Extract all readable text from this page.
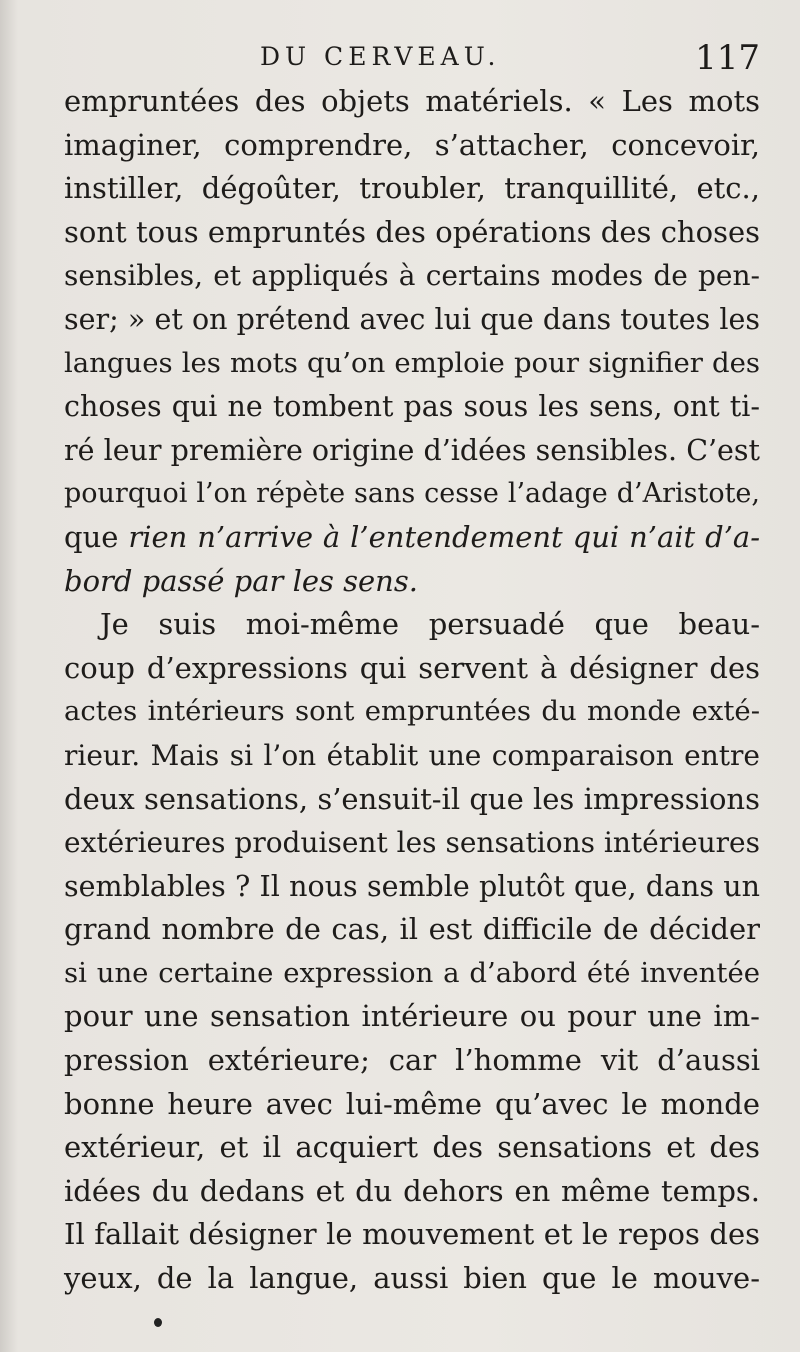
DU CERVEAU.	117
empruntées des objets matériels. « Les mots
imaginer, comprendre, s’attacher, concevoir,
instiller, dégoûter, troubler, tranquillité, etc.,
sont tous empruntés des opérations des choses
sensibles, et appliqués à certains modes de pen-
ser; » et on prétend avec lui que dans toutes les
langues les mots qu’on emploie pour signifier des
choses qui ne tombent pas sous les sens, ont ti-
ré leur première origine d’idées sensibles. C’est
pourquoi l’on répète sans cesse l’adage d’Aristote,
que rien n’arrive à l’entendement qui n’ait d’a-
bord passé par les sens.
Je suis moi-même persuadé que beau-
coup d’expressions qui servent à désigner des
actes intérieurs sont empruntées du monde exté-
rieur. Mais si l’on établit une comparaison entre
deux sensations, s’ensuit-il que les impressions
extérieures produisent les sensations intérieures
semblables ? Il nous semble plutôt que, dans un
grand nombre de cas, il est difficile de décider
si une certaine expression a d’abord été inventée
pour une sensation intérieure ou pour une im-
pression extérieure; car l’homme vit d’aussi
bonne heure avec lui-même qu’avec le monde
extérieur, et il acquiert des sensations et des
idées du dedans et du dehors en même temps.
Il fallait désigner le mouvement et le repos des
yeux, de la langue, aussi bien que le mouve-
